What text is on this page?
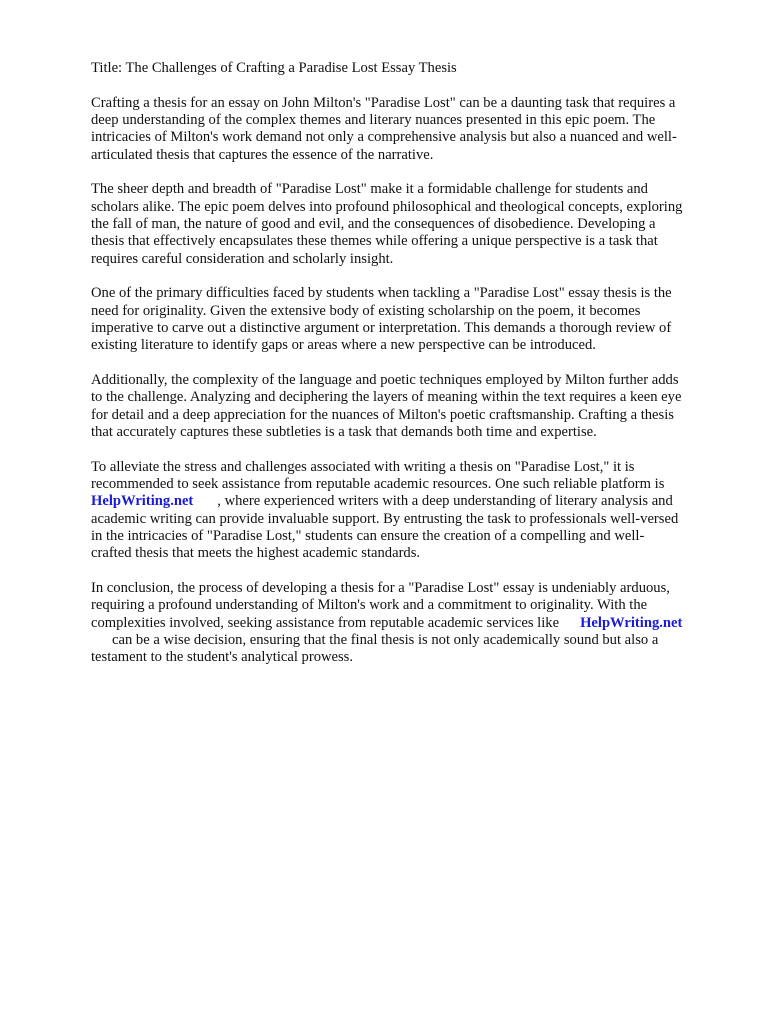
Title: The Challenges of Crafting a Paradise Lost Essay Thesis
Crafting a thesis for an essay on John Milton's "Paradise Lost" can be a daunting task that requires a
deep understanding of the complex themes and literary nuances presented in this epic poem. The
intricacies of Milton's work demand not only a comprehensive analysis but also a nuanced and well-
articulated thesis that captures the essence of the narrative.
The sheer depth and breadth of "Paradise Lost" make it a formidable challenge for students and
scholars alike. The epic poem delves into profound philosophical and theological concepts, exploring
the fall of man, the nature of good and evil, and the consequences of disobedience. Developing a
thesis that effectively encapsulates these themes while offering a unique perspective is a task that
requires careful consideration and scholarly insight.
One of the primary difficulties faced by students when tackling a "Paradise Lost" essay thesis is the
need for originality. Given the extensive body of existing scholarship on the poem, it becomes
imperative to carve out a distinctive argument or interpretation. This demands a thorough review of
existing literature to identify gaps or areas where a new perspective can be introduced.
Additionally, the complexity of the language and poetic techniques employed by Milton further adds
to the challenge. Analyzing and deciphering the layers of meaning within the text requires a keen eye
for detail and a deep appreciation for the nuances of Milton's poetic craftsmanship. Crafting a thesis
that accurately captures these subtleties is a task that demands both time and expertise.
To alleviate the stress and challenges associated with writing a thesis on "Paradise Lost," it is
recommended to seek assistance from reputable academic resources. One such reliable platform is
HelpWriting.net , where experienced writers with a deep understanding of literary analysis and
academic writing can provide invaluable support. By entrusting the task to professionals well-versed
in the intricacies of "Paradise Lost," students can ensure the creation of a compelling and well-
crafted thesis that meets the highest academic standards.
In conclusion, the process of developing a thesis for a "Paradise Lost" essay is undeniably arduous,
requiring a profound understanding of Milton's work and a commitment to originality. With the
complexities involved, seeking assistance from reputable academic services like HelpWriting.net
can be a wise decision, ensuring that the final thesis is not only academically sound but also a
testament to the student's analytical prowess.
